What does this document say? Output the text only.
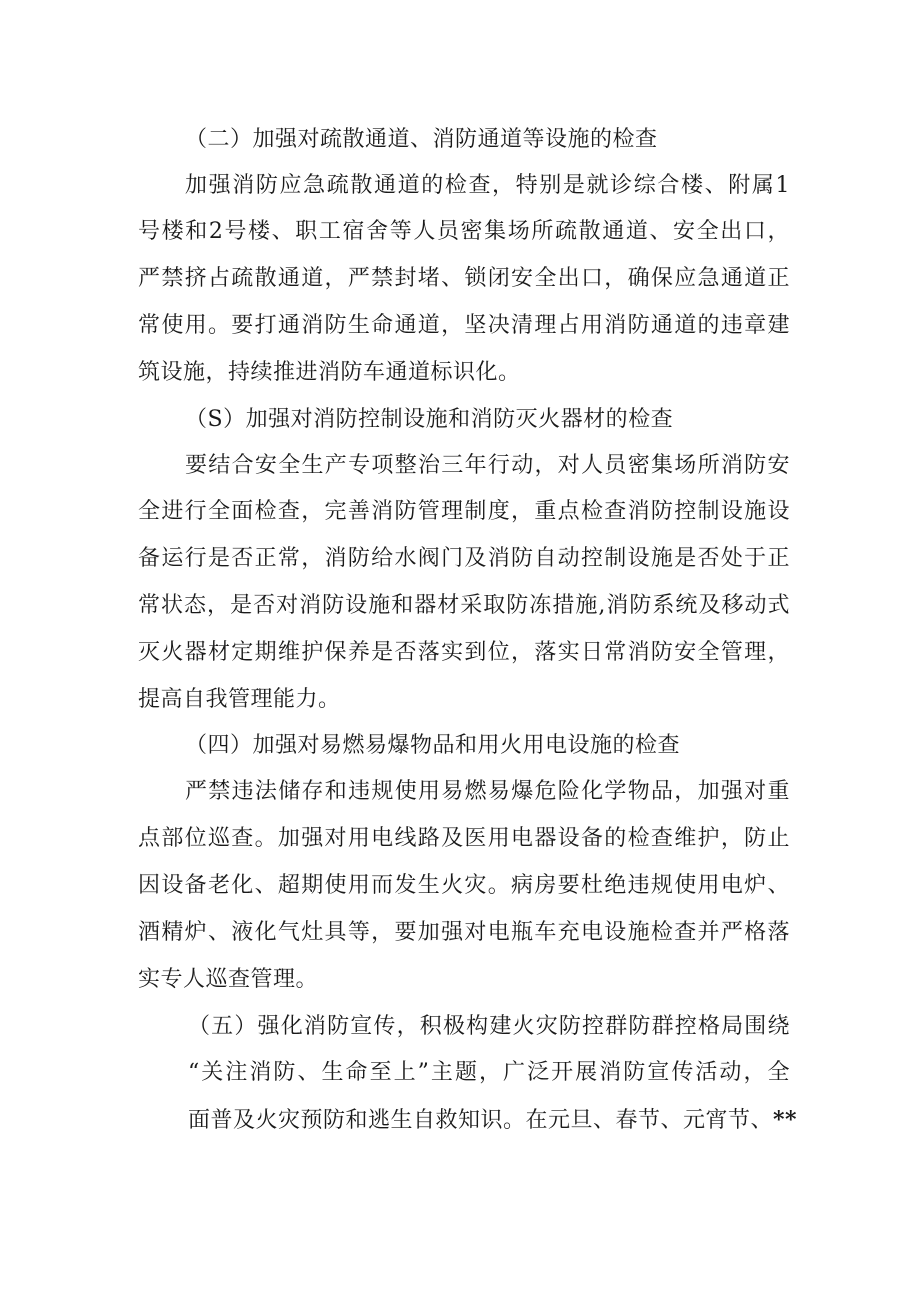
（二）加强对疏散通道、消防通道等设施的检查
加强消防应急疏散通道的检查，特别是就诊综合楼、附属1
号楼和2号楼、职工宿舍等人员密集场所疏散通道、安全出口，
严禁挤占疏散通道，严禁封堵、锁闭安全出口，确保应急通道正
常使用。要打通消防生命通道，坚决清理占用消防通道的违章建
筑设施，持续推进消防车通道标识化。
（S）加强对消防控制设施和消防灭火器材的检查
要结合安全生产专项整治三年行动，对人员密集场所消防安
全进行全面检查，完善消防管理制度，重点检查消防控制设施设
备运行是否正常，消防给水阀门及消防自动控制设施是否处于正
常状态，是否对消防设施和器材采取防冻措施,消防系统及移动式
灭火器材定期维护保养是否落实到位，落实日常消防安全管理，
提高自我管理能力。
（四）加强对易燃易爆物品和用火用电设施的检查
严禁违法储存和违规使用易燃易爆危险化学物品，加强对重
点部位巡查。加强对用电线路及医用电器设备的检查维护，防止
因设备老化、超期使用而发生火灾。病房要杜绝违规使用电炉、
酒精炉、液化气灶具等，要加强对电瓶车充电设施检查并严格落
实专人巡查管理。
（五）强化消防宣传，积极构建火灾防控群防群控格局围绕
“关注消防、生命至上”主题，广泛开展消防宣传活动，全
面普及火灾预防和逃生自救知识。在元旦、春节、元宵节、**
